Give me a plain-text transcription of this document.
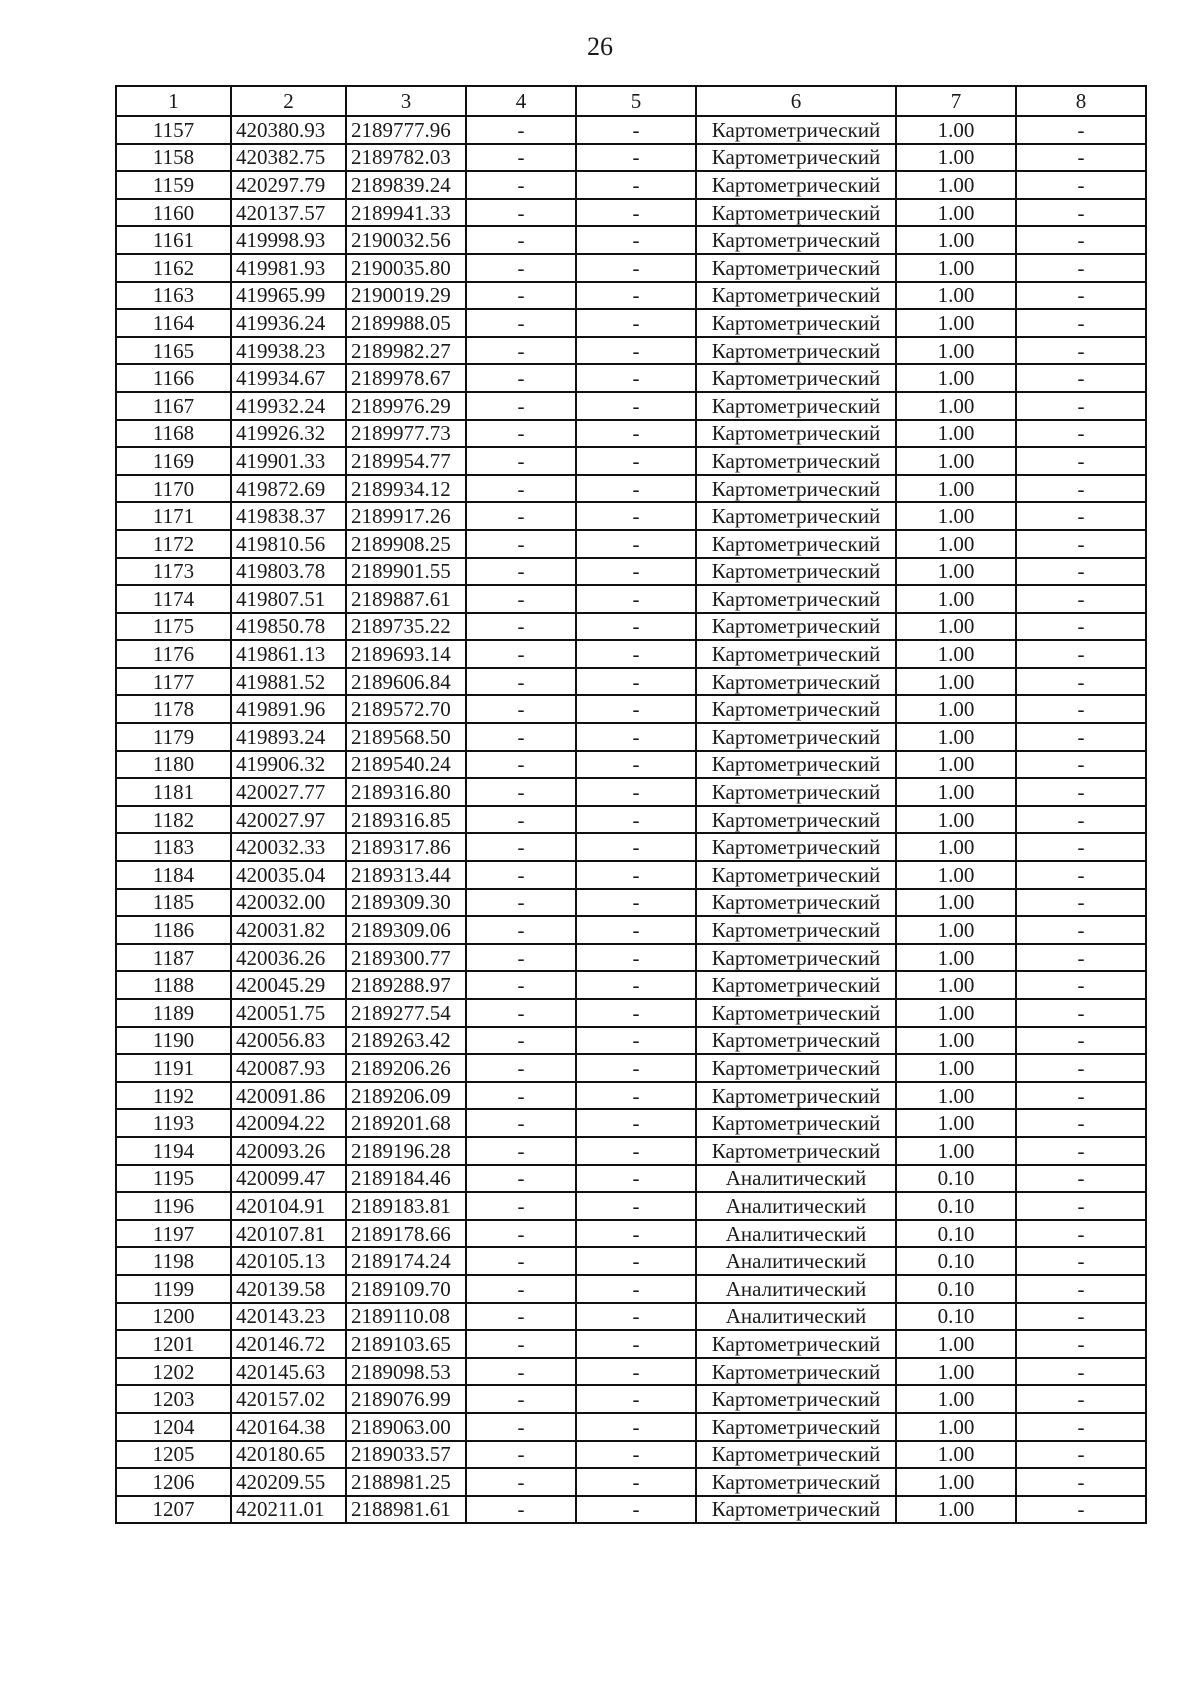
26
1	2	3	4	5	6	7	8
1157	420380.93	2189777.96	-	-	Картометрический	1.00	-
1158	420382.75	2189782.03	-	-	Картометрический	1.00	-
1159	420297.79	2189839.24	-	-	Картометрический	1.00	-
1160	420137.57	2189941.33	-	-	Картометрический	1.00	-
1161	419998.93	2190032.56	-	-	Картометрический	1.00	-
1162	419981.93	2190035.80	-	-	Картометрический	1.00	-
1163	419965.99	2190019.29	-	-	Картометрический	1.00	-
1164	419936.24	2189988.05	-	-	Картометрический	1.00	-
1165	419938.23	2189982.27	-	-	Картометрический	1.00	-
1166	419934.67	2189978.67	-	-	Картометрический	1.00	-
1167	419932.24	2189976.29	-	-	Картометрический	1.00	-
1168	419926.32	2189977.73	-	-	Картометрический	1.00	-
1169	419901.33	2189954.77	-	-	Картометрический	1.00	-
1170	419872.69	2189934.12	-	-	Картометрический	1.00	-
1171	419838.37	2189917.26	-	-	Картометрический	1.00	-
1172	419810.56	2189908.25	-	-	Картометрический	1.00	-
1173	419803.78	2189901.55	-	-	Картометрический	1.00	-
1174	419807.51	2189887.61	-	-	Картометрический	1.00	-
1175	419850.78	2189735.22	-	-	Картометрический	1.00	-
1176	419861.13	2189693.14	-	-	Картометрический	1.00	-
1177	419881.52	2189606.84	-	-	Картометрический	1.00	-
1178	419891.96	2189572.70	-	-	Картометрический	1.00	-
1179	419893.24	2189568.50	-	-	Картометрический	1.00	-
1180	419906.32	2189540.24	-	-	Картометрический	1.00	-
1181	420027.77	2189316.80	-	-	Картометрический	1.00	-
1182	420027.97	2189316.85	-	-	Картометрический	1.00	-
1183	420032.33	2189317.86	-	-	Картометрический	1.00	-
1184	420035.04	2189313.44	-	-	Картометрический	1.00	-
1185	420032.00	2189309.30	-	-	Картометрический	1.00	-
1186	420031.82	2189309.06	-	-	Картометрический	1.00	-
1187	420036.26	2189300.77	-	-	Картометрический	1.00	-
1188	420045.29	2189288.97	-	-	Картометрический	1.00	-
1189	420051.75	2189277.54	-	-	Картометрический	1.00	-
1190	420056.83	2189263.42	-	-	Картометрический	1.00	-
1191	420087.93	2189206.26	-	-	Картометрический	1.00	-
1192	420091.86	2189206.09	-	-	Картометрический	1.00	-
1193	420094.22	2189201.68	-	-	Картометрический	1.00	-
1194	420093.26	2189196.28	-	-	Картометрический	1.00	-
1195	420099.47	2189184.46	-	-	Аналитический	0.10	-
1196	420104.91	2189183.81	-	-	Аналитический	0.10	-
1197	420107.81	2189178.66	-	-	Аналитический	0.10	-
1198	420105.13	2189174.24	-	-	Аналитический	0.10	-
1199	420139.58	2189109.70	-	-	Аналитический	0.10	-
1200	420143.23	2189110.08	-	-	Аналитический	0.10	-
1201	420146.72	2189103.65	-	-	Картометрический	1.00	-
1202	420145.63	2189098.53	-	-	Картометрический	1.00	-
1203	420157.02	2189076.99	-	-	Картометрический	1.00	-
1204	420164.38	2189063.00	-	-	Картометрический	1.00	-
1205	420180.65	2189033.57	-	-	Картометрический	1.00	-
1206	420209.55	2188981.25	-	-	Картометрический	1.00	-
1207	420211.01	2188981.61	-	-	Картометрический	1.00	-
